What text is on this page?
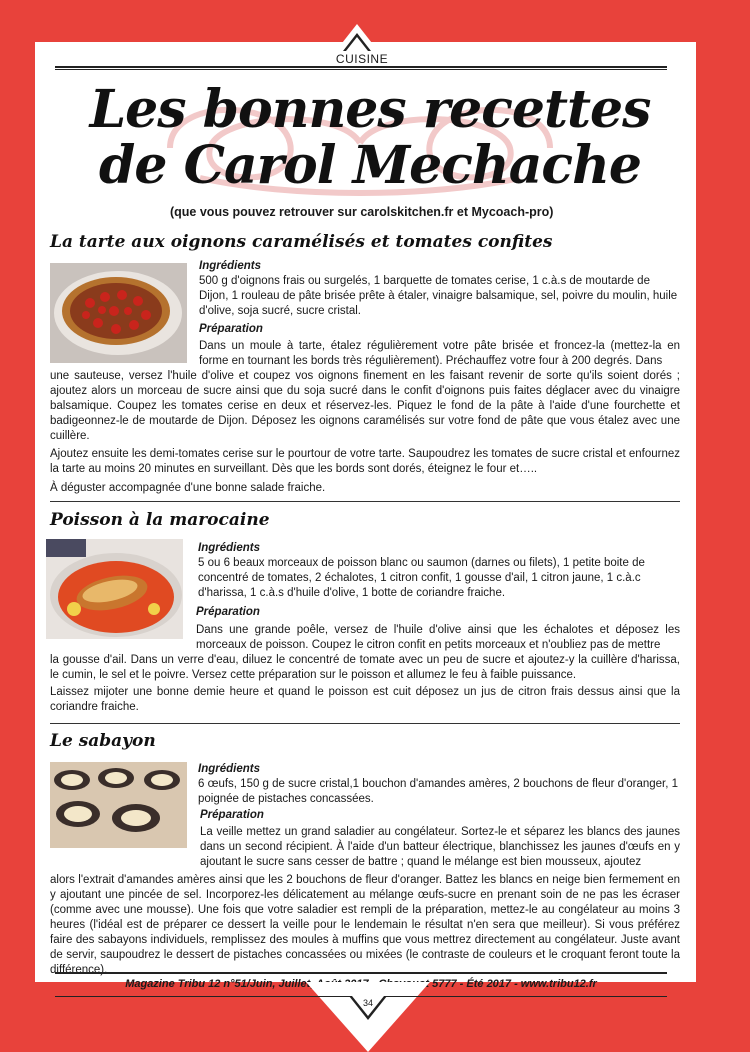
CUISINE
Les bonnes recettes
de Carol Mechache
(que vous pouvez retrouver sur carolskitchen.fr et Mycoach-pro)
La tarte aux oignons caramélisés et tomates confites
Ingrédients
500 g d'oignons frais ou surgelés, 1 barquette de tomates cerise, 1 c.à.s de moutarde de Dijon, 1 rouleau de pâte brisée prête à étaler, vinaigre balsamique, sel, poivre du moulin, huile d'olive, soja sucré, sucre cristal.
Préparation
Dans un moule à tarte, étalez régulièrement votre pâte brisée et froncez-la (mettez-la en forme en tournant les bords très régulièrement). Préchauffez votre four à 200 degrés. Dans
une sauteuse, versez l'huile d'olive et coupez vos oignons finement en les faisant revenir de sorte qu'ils soient dorés ; ajoutez alors un morceau de sucre ainsi que du soja sucré dans le confit d'oignons puis faites déglacer avec du vinaigre balsamique. Coupez les tomates cerise en deux et réservez-les. Piquez le fond de la pâte à l'aide d'une fourchette et badigeonnez-le de moutarde de Dijon. Déposez les oignons caramélisés sur votre fond de pâte que vous étalez avec une cuillère.
Ajoutez ensuite les demi-tomates cerise sur le pourtour de votre tarte. Saupoudrez les tomates de sucre cristal et enfournez la tarte au moins 20 minutes en surveillant. Dès que les bords sont dorés, éteignez le four et…..
À déguster accompagnée d'une bonne salade fraiche.
Poisson à la marocaine
Ingrédients
5 ou 6 beaux morceaux de poisson blanc ou saumon (darnes ou filets), 1 petite boite de concentré de tomates, 2 échalotes, 1 citron confit, 1 gousse d'ail, 1 citron jaune, 1 c.à.c d'harissa, 1 c.à.s d'huile d'olive, 1 botte de coriandre fraiche.
Préparation
Dans une grande poêle, versez de l'huile d'olive ainsi que les échalotes et déposez les morceaux de poisson. Coupez le citron confit en petits morceaux et n'oubliez pas de mettre
la gousse d'ail. Dans un verre d'eau, diluez le concentré de tomate avec un peu de sucre et ajoutez-y la cuillère d'harissa, le cumin, le sel et le poivre. Versez cette préparation sur le poisson et allumez le feu à faible puissance.
Laissez mijoter une bonne demie heure et quand le poisson est cuit déposez un jus de citron frais dessus ainsi que la coriandre fraiche.
Le sabayon
Ingrédients
6 œufs, 150 g de sucre cristal,1 bouchon d'amandes amères, 2 bouchons de fleur d'oranger, 1 poignée de pistaches concassées.
Préparation
La veille mettez un grand saladier au congélateur. Sortez-le et séparez les blancs des jaunes dans un second récipient. À l'aide d'un batteur électrique, blanchissez les jaunes d'œufs en y ajoutant le sucre sans cesser de battre ; quand le mélange est bien mousseux, ajoutez
alors l'extrait d'amandes amères ainsi que les 2 bouchons de fleur d'oranger. Battez les blancs en neige bien fermement en y ajoutant une pincée de sel. Incorporez-les délicatement au mélange œufs-sucre en prenant soin de ne pas les écraser (comme avec une mousse). Une fois que votre saladier est rempli de la préparation, mettez-le au congélateur au moins 3 heures (l'idéal est de préparer ce dessert la veille pour le lendemain le résultat n'en sera que meilleur). Si vous préférez faire des sabayons individuels, remplissez des moules à muffins que vous mettrez directement au congélateur. Juste avant de servir, saupoudrez le dessert de pistaches concassées ou mixées (le contraste de couleurs et le croquant feront toute la différence).
Magazine Tribu 12 n°51/Juin, Juillet, Août 2017 - Chavouot 5777 - Été 2017 - www.tribu12.fr
34
